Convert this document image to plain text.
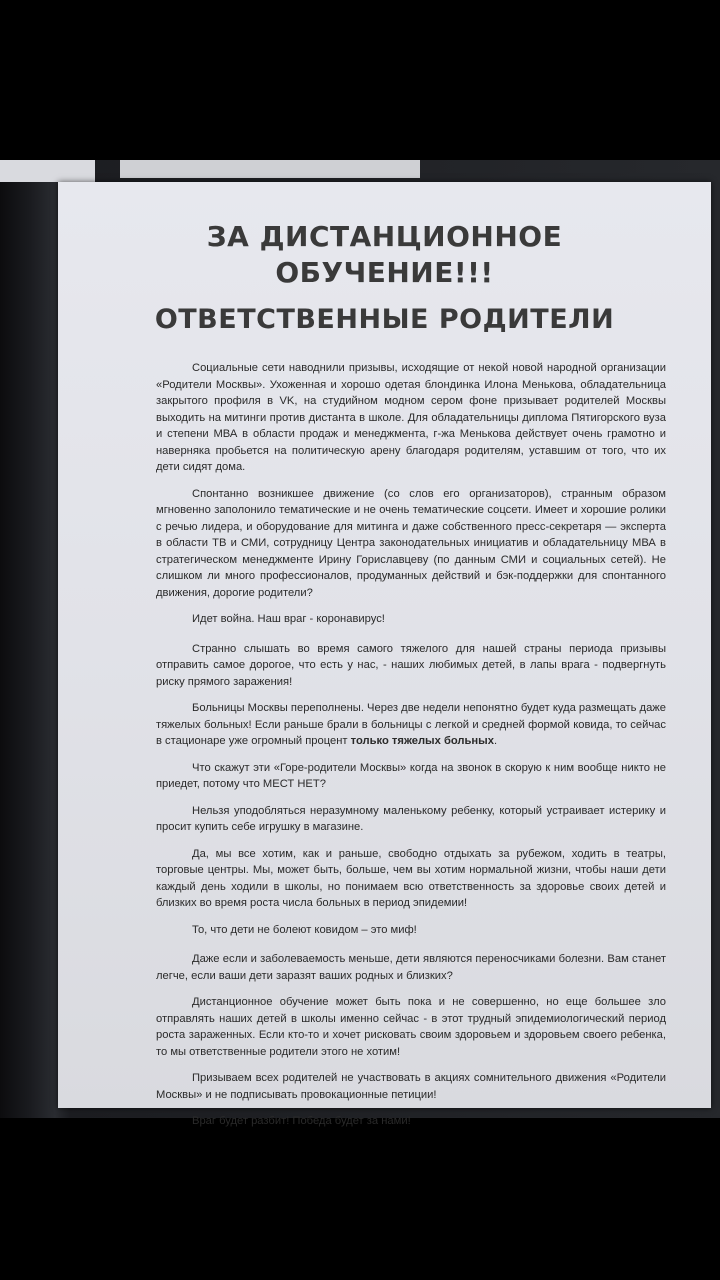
ЗА ДИСТАНЦИОННОЕ
ОБУЧЕНИЕ!!!
ОТВЕТСТВЕННЫЕ РОДИТЕЛИ

Социальные сети наводнили призывы, исходящие от некой новой народной организации «Родители Москвы». Ухоженная и хорошо одетая блондинка Илона Менькова, обладательница закрытого профиля в VK, на студийном модном сером фоне призывает родителей Москвы выходить на митинги против дистанта в школе. Для обладательницы диплома Пятигорского вуза и степени МВА в области продаж и менеджмента, г-жа Менькова действует очень грамотно и наверняка пробьется на политическую арену благодаря родителям, уставшим от того, что их дети сидят дома.

Спонтанно возникшее движение (со слов его организаторов), странным образом мгновенно заполонило тематические и не очень тематические соцсети. Имеет и хорошие ролики с речью лидера, и оборудование для митинга и даже собственного пресс-секретаря — эксперта в области ТВ и СМИ, сотрудницу Центра законодательных инициатив и обладательницу МВА в стратегическом менеджменте Ирину Гориславцеву (по данным СМИ и социальных сетей). Не слишком ли много профессионалов, продуманных действий и бэк-поддержки для спонтанного движения, дорогие родители?

Идет война. Наш враг - коронавирус!

Странно слышать во время самого тяжелого для нашей страны периода призывы отправить самое дорогое, что есть у нас, - наших любимых детей, в лапы врага - подвергнуть риску прямого заражения!

Больницы Москвы переполнены. Через две недели непонятно будет куда размещать даже тяжелых больных! Если раньше брали в больницы с легкой и средней формой ковида, то сейчас в стационаре уже огромный процент только тяжелых больных.

Что скажут эти «Горе-родители Москвы» когда на звонок в скорую к ним вообще никто не приедет, потому что МЕСТ НЕТ?

Нельзя уподобляться неразумному маленькому ребенку, который устраивает истерику и просит купить себе игрушку в магазине.

Да, мы все хотим, как и раньше, свободно отдыхать за рубежом, ходить в театры, торговые центры. Мы, может быть, больше, чем вы хотим нормальной жизни, чтобы наши дети каждый день ходили в школы, но понимаем всю ответственность за здоровье своих детей и близких во время роста числа больных в период эпидемии!

То, что дети не болеют ковидом – это миф!

Даже если и заболеваемость меньше, дети являются переносчиками болезни. Вам станет легче, если ваши дети заразят ваших родных и близких?

Дистанционное обучение может быть пока и не совершенно, но еще большее зло отправлять наших детей в школы именно сейчас - в этот трудный эпидемиологический период роста зараженных. Если кто-то и хочет рисковать своим здоровьем и здоровьем своего ребенка, то мы ответственные родители этого не хотим!

Призываем всех родителей не участвовать в акциях сомнительного движения «Родители Москвы» и не подписывать провокационные петиции!

Враг будет разбит! Победа будет за нами!
